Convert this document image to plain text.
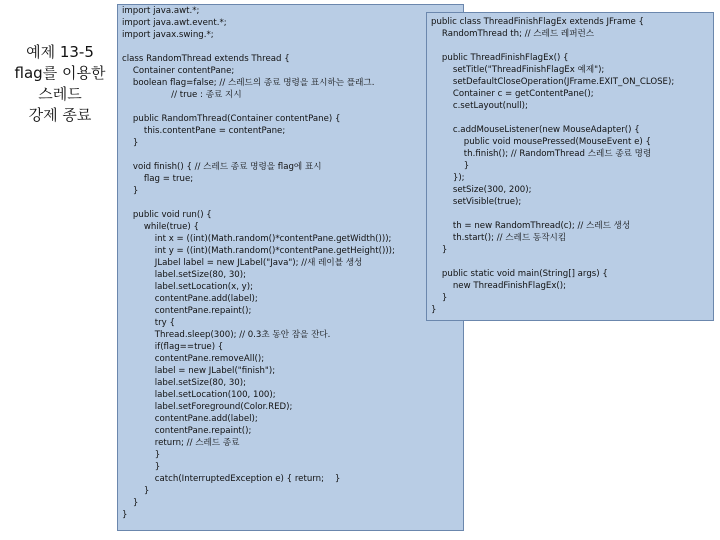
예제 13-5
flag를 이용한
스레드
강제 종료
import java.awt.*;
import java.awt.event.*;
import javax.swing.*;
class RandomThread extends Thread {
Container contentPane;
boolean flag=false; // 스레드의 종료 명령을 표시하는 플래그.
// true : 종료 지시
public RandomThread(Container contentPane) {
this.contentPane = contentPane;
}
void finish() { // 스레드 종료 명령을 flag에 표시
flag = true;
}
public void run() {
while(true) {
int x = ((int)(Math.random()*contentPane.getWidth()));
int y = ((int)(Math.random()*contentPane.getHeight()));
JLabel label = new JLabel("Java"); //새 레이블 생성
label.setSize(80, 30);
label.setLocation(x, y);
contentPane.add(label);
contentPane.repaint();
try {
Thread.sleep(300); // 0.3초 동안 잠을 잔다.
if(flag==true) {
contentPane.removeAll();
label = new JLabel("finish");
label.setSize(80, 30);
label.setLocation(100, 100);
label.setForeground(Color.RED);
contentPane.add(label);
contentPane.repaint();
return; // 스레드 종료
}
}
catch(InterruptedException e) { return;    }
}
}
}
public class ThreadFinishFlagEx extends JFrame {
RandomThread th; // 스레드 레퍼런스
public ThreadFinishFlagEx() {
setTitle("ThreadFinishFlagEx 예제");
setDefaultCloseOperation(JFrame.EXIT_ON_CLOSE);
Container c = getContentPane();
c.setLayout(null);
c.addMouseListener(new MouseAdapter() {
public void mousePressed(MouseEvent e) {
th.finish(); // RandomThread 스레드 종료 명령
}
});
setSize(300, 200);
setVisible(true);
th = new RandomThread(c); // 스레드 생성
th.start(); // 스레드 동작시킴
}
public static void main(String[] args) {
new ThreadFinishFlagEx();
}
}
